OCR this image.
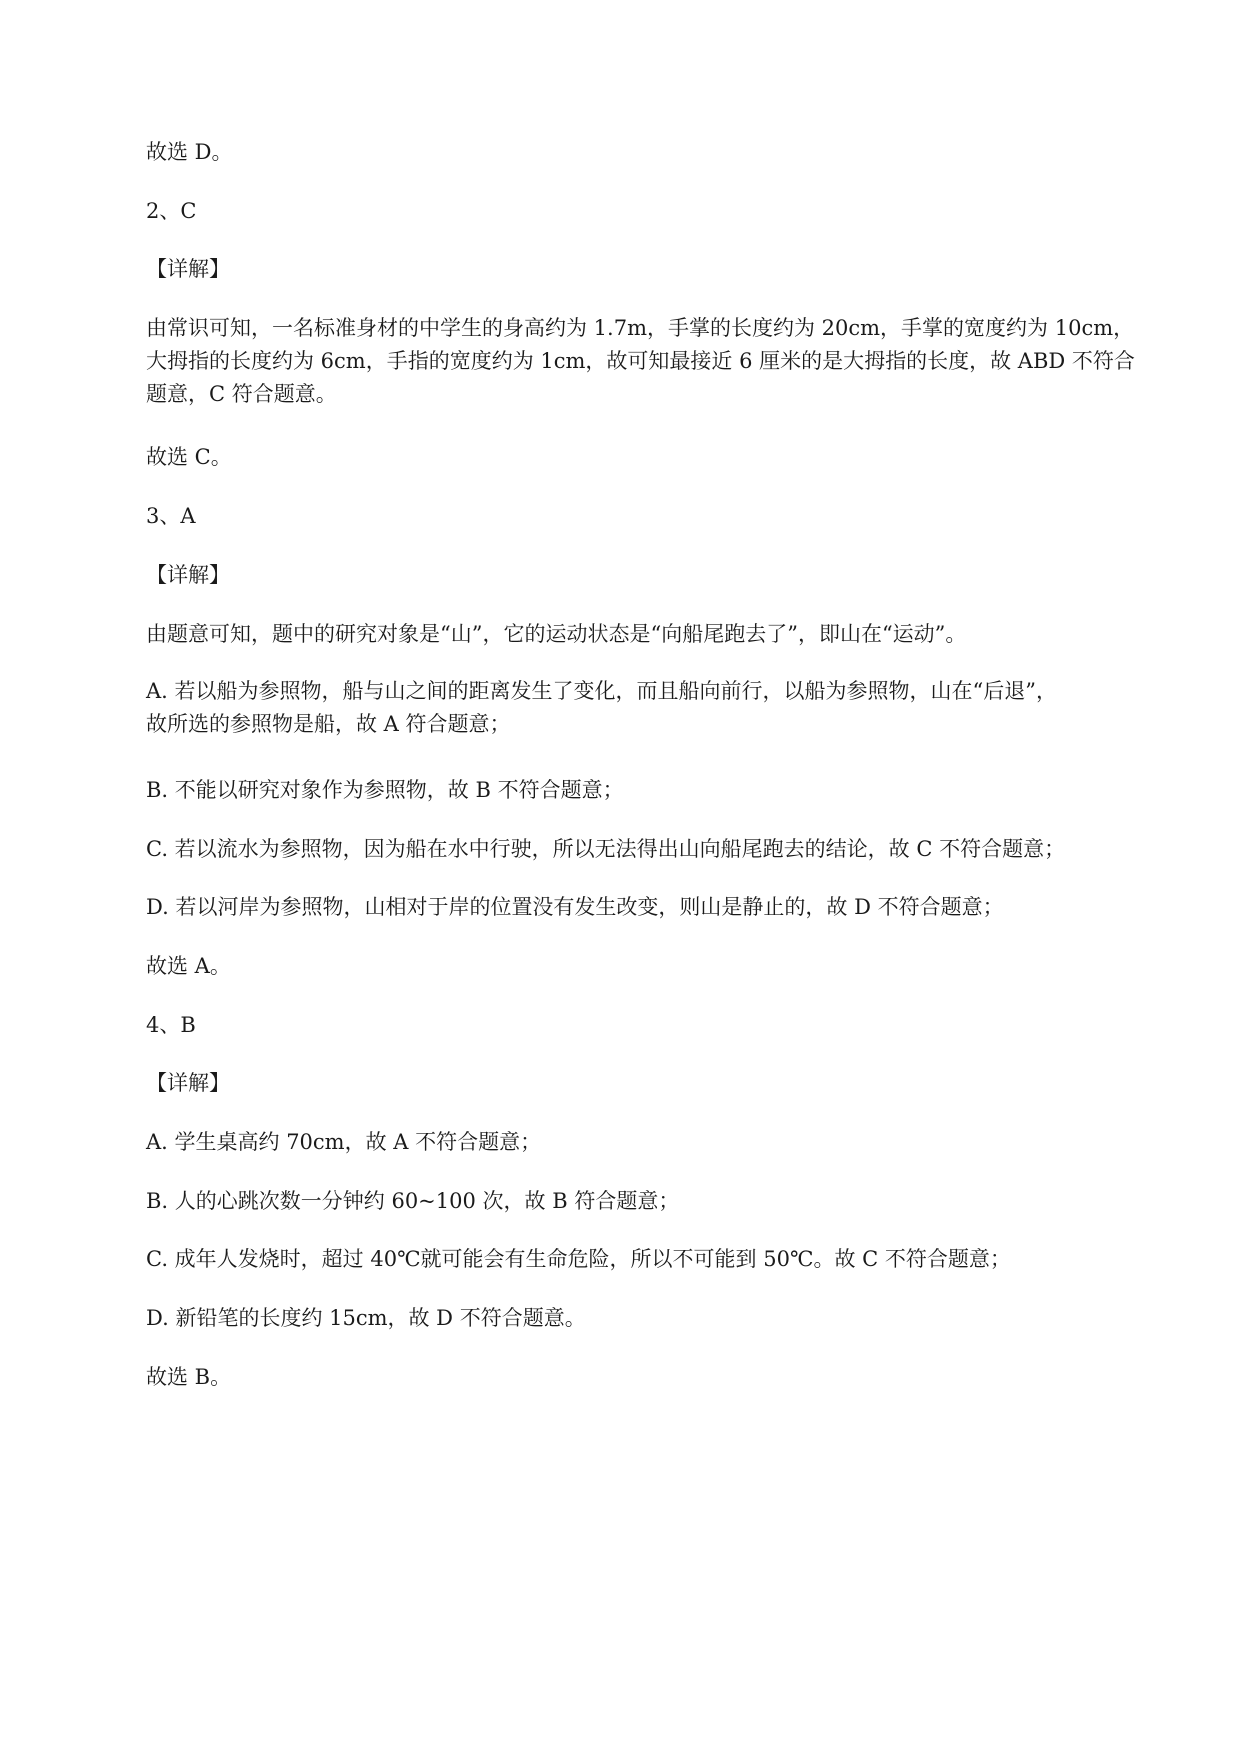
故选 D。
2、C
【详解】
由常识可知，一名标准身材的中学生的身高约为 1.7m，手掌的长度约为 20cm，手掌的宽度约为 10cm，
大拇指的长度约为 6cm，手指的宽度约为 1cm，故可知最接近 6 厘米的是大拇指的长度，故 ABD 不符合
题意，C 符合题意。
故选 C。
3、A
【详解】
由题意可知，题中的研究对象是“山”，它的运动状态是“向船尾跑去了”，即山在“运动”。
A. 若以船为参照物，船与山之间的距离发生了变化，而且船向前行，以船为参照物，山在“后退”，
故所选的参照物是船，故 A 符合题意；
B. 不能以研究对象作为参照物，故 B 不符合题意；
C. 若以流水为参照物，因为船在水中行驶，所以无法得出山向船尾跑去的结论，故 C 不符合题意；
D. 若以河岸为参照物，山相对于岸的位置没有发生改变，则山是静止的，故 D 不符合题意；
故选 A。
4、B
【详解】
A. 学生桌高约 70cm，故 A 不符合题意；
B. 人的心跳次数一分钟约 60~100 次，故 B 符合题意；
C. 成年人发烧时，超过 40℃就可能会有生命危险，所以不可能到 50℃。故 C 不符合题意；
D. 新铅笔的长度约 15cm，故 D 不符合题意。
故选 B。
